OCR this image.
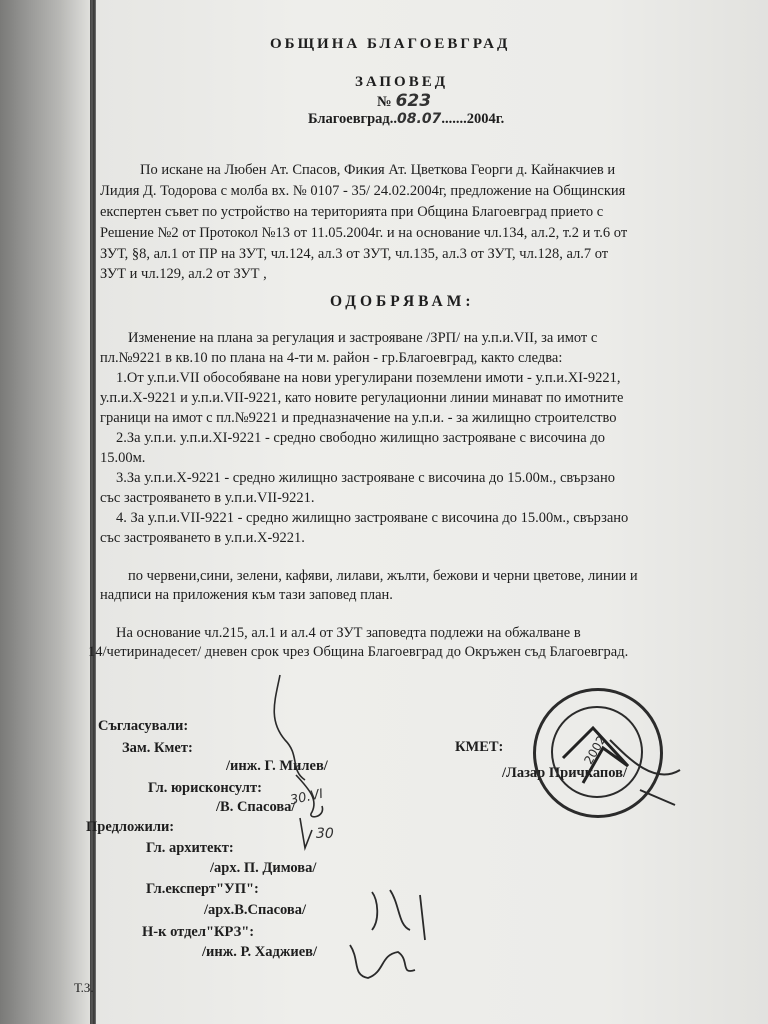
ОБЩИНА БЛАГОЕВГРАД
ЗАПОВЕД
№ 623
Благоевград..08.07.......2004г.
По искане на Любен Ат. Спасов, Фикия Ат. Цветкова Георги д. Кайнакчиев и
Лидия Д. Тодорова с молба вх. № 0107 - 35/ 24.02.2004г, предложение на Общинския
експертен съвет по устройство на територията при Община Благоевград прието с
Решение №2 от Протокол №13 от 11.05.2004г. и на основание чл.134, ал.2, т.2 и т.6 от
ЗУТ, §8, ал.1 от ПР на ЗУТ, чл.124, ал.3 от ЗУТ, чл.135, ал.3 от ЗУТ, чл.128, ал.7 от
ЗУТ и чл.129, ал.2 от ЗУТ ,
ОДОБРЯВАМ:
Изменение на плана за регулация и застрояване /ЗРП/ на у.п.и.VII, за имот с
пл.№9221 в кв.10 по плана на 4-ти м. район - гр.Благоевград, както следва:
1.От у.п.и.VII обособяване на нови урегулирани поземлени имоти - у.п.и.XI-9221,
у.п.и.Х-9221 и у.п.и.VII-9221, като новите регулационни линии минават по имотните
граници на имот с пл.№9221 и предназначение на у.п.и. - за жилищно строителство
2.За у.п.и. у.п.и.XI-9221 - средно свободно жилищно застрояване с височина до
15.00м.
3.За у.п.и.Х-9221 - средно жилищно застрояване с височина до 15.00м., свързано
със застрояването в у.п.и.VII-9221.
4. За у.п.и.VII-9221 - средно жилищно застрояване с височина до 15.00м., свързано
със застрояването в у.п.и.Х-9221.
по червени,сини, зелени, кафяви, лилави, жълти, бежови и черни цветове, линии и
надписи на приложения към тази заповед план.
На основание чл.215, ал.1 и ал.4 от ЗУТ заповедта подлежи на обжалване в
14/четиринадесет/ дневен срок чрез Община Благоевград до Окръжен съд Благоевград.
Съгласували:
Зам. Кмет:
/инж. Г. Милев/
Гл. юрисконсулт:
/В. Спасова/
Предложили:
Гл. архитект:
/арх. П. Димова/
Гл.експерт"УП":
/арх.В.Спасова/
Н-к отдел"КРЗ":
/инж. Р. Хаджиев/
КМЕТ:
/Лазар Причкапов/
Т.З.
30.VI
30
2002
